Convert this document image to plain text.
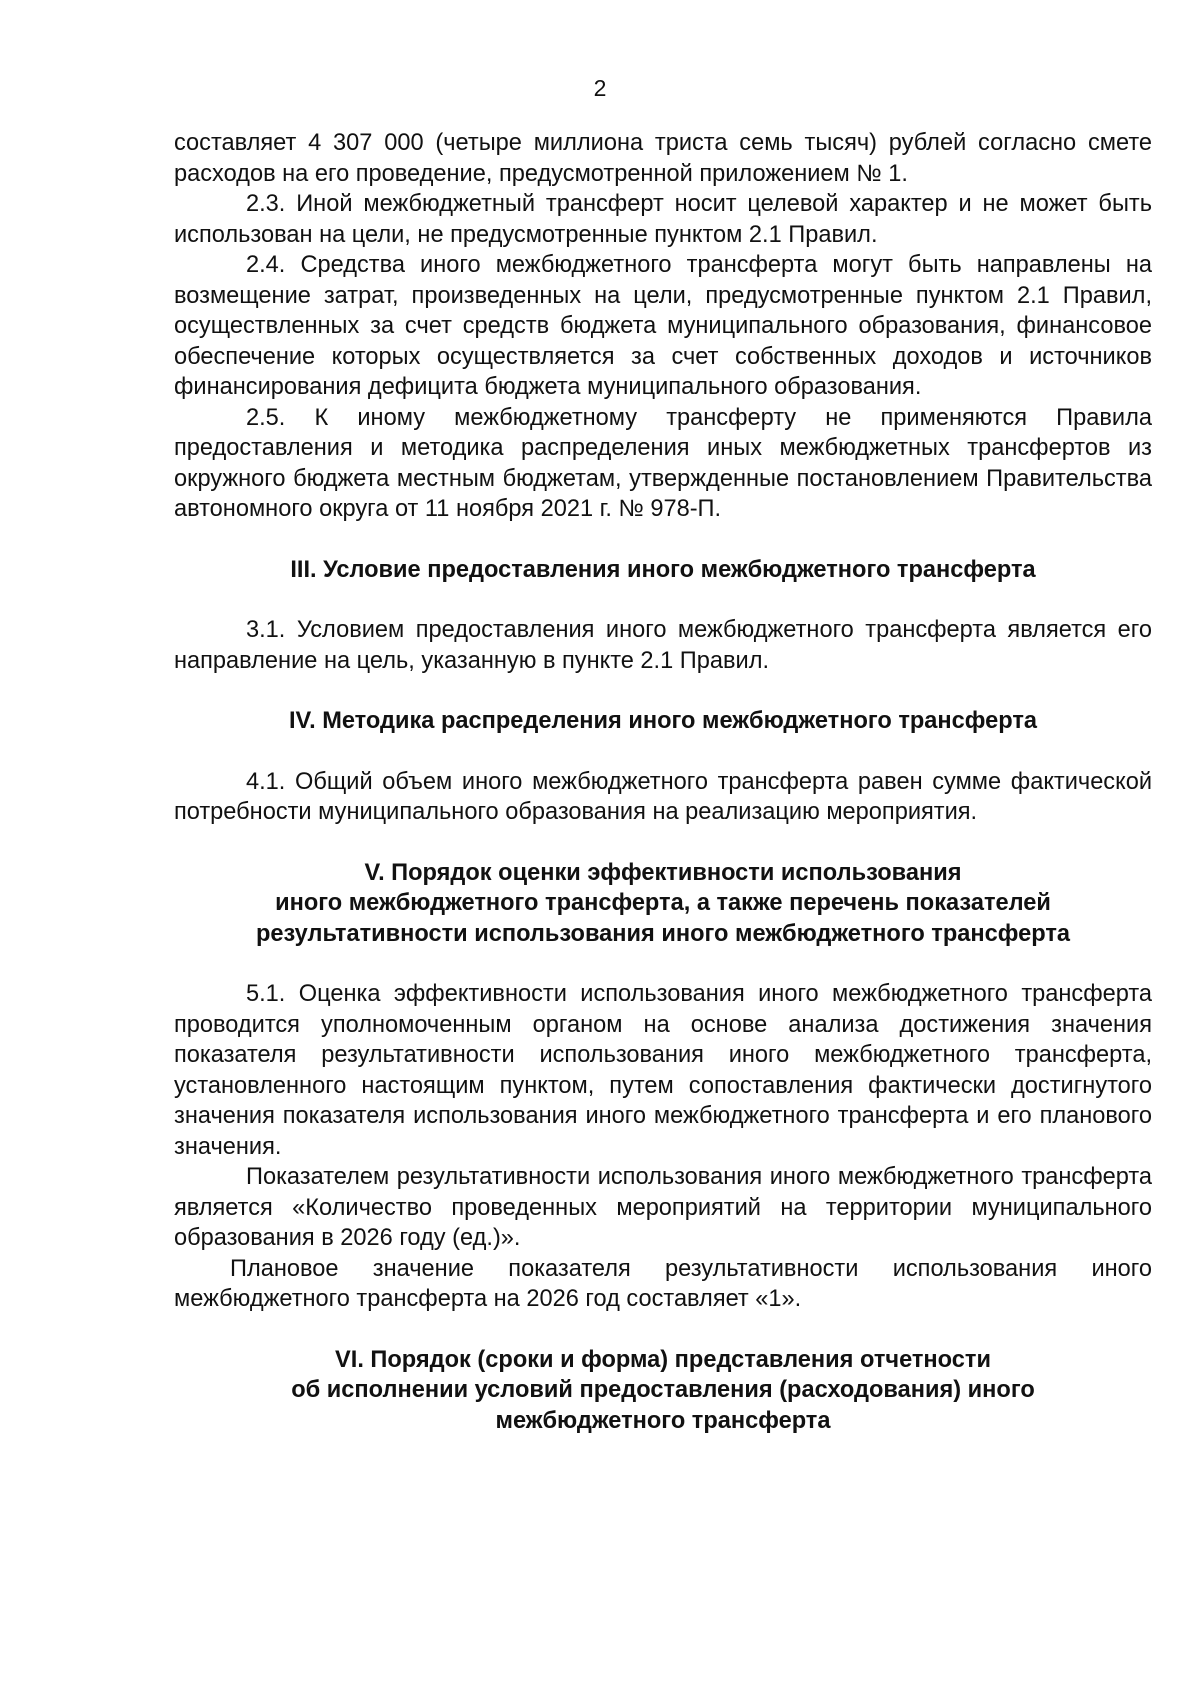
2

составляет 4 307 000 (четыре миллиона триста семь тысяч) рублей согласно смете расходов на его проведение, предусмотренной приложением № 1.

2.3. Иной межбюджетный трансферт носит целевой характер и не может быть использован на цели, не предусмотренные пунктом 2.1 Правил.

2.4. Средства иного межбюджетного трансферта могут быть направлены на возмещение затрат, произведенных на цели, предусмотренные пунктом 2.1 Правил, осуществленных за счет средств бюджета муниципального образования, финансовое обеспечение которых осуществляется за счет собственных доходов и источников финансирования дефицита бюджета муниципального образования.

2.5. К иному межбюджетному трансферту не применяются Правила предоставления и методика распределения иных межбюджетных трансфертов из окружного бюджета местным бюджетам, утвержденные постановлением Правительства автономного округа от 11 ноября 2021 г. № 978-П.

III. Условие предоставления иного межбюджетного трансферта

3.1. Условием предоставления иного межбюджетного трансферта является его направление на цель, указанную в пункте 2.1 Правил.

IV. Методика распределения иного межбюджетного трансферта

4.1. Общий объем иного межбюджетного трансферта равен сумме фактической потребности муниципального образования на реализацию мероприятия.

V. Порядок оценки эффективности использования

иного межбюджетного трансферта, а также перечень показателей

результативности использования иного межбюджетного трансферта

5.1. Оценка эффективности использования иного межбюджетного трансферта проводится уполномоченным органом на основе анализа достижения значения показателя результативности использования иного межбюджетного трансферта, установленного настоящим пунктом, путем сопоставления фактически достигнутого значения показателя использования иного межбюджетного трансферта и его планового значения.

Показателем результативности использования иного межбюджетного трансферта является «Количество проведенных мероприятий на территории муниципального образования в 2026 году (ед.)».

Плановое значение показателя результативности использования иного межбюджетного трансферта на 2026 год составляет «1».

VI. Порядок (сроки и форма) представления отчетности

об исполнении условий предоставления (расходования) иного

межбюджетного трансферта
